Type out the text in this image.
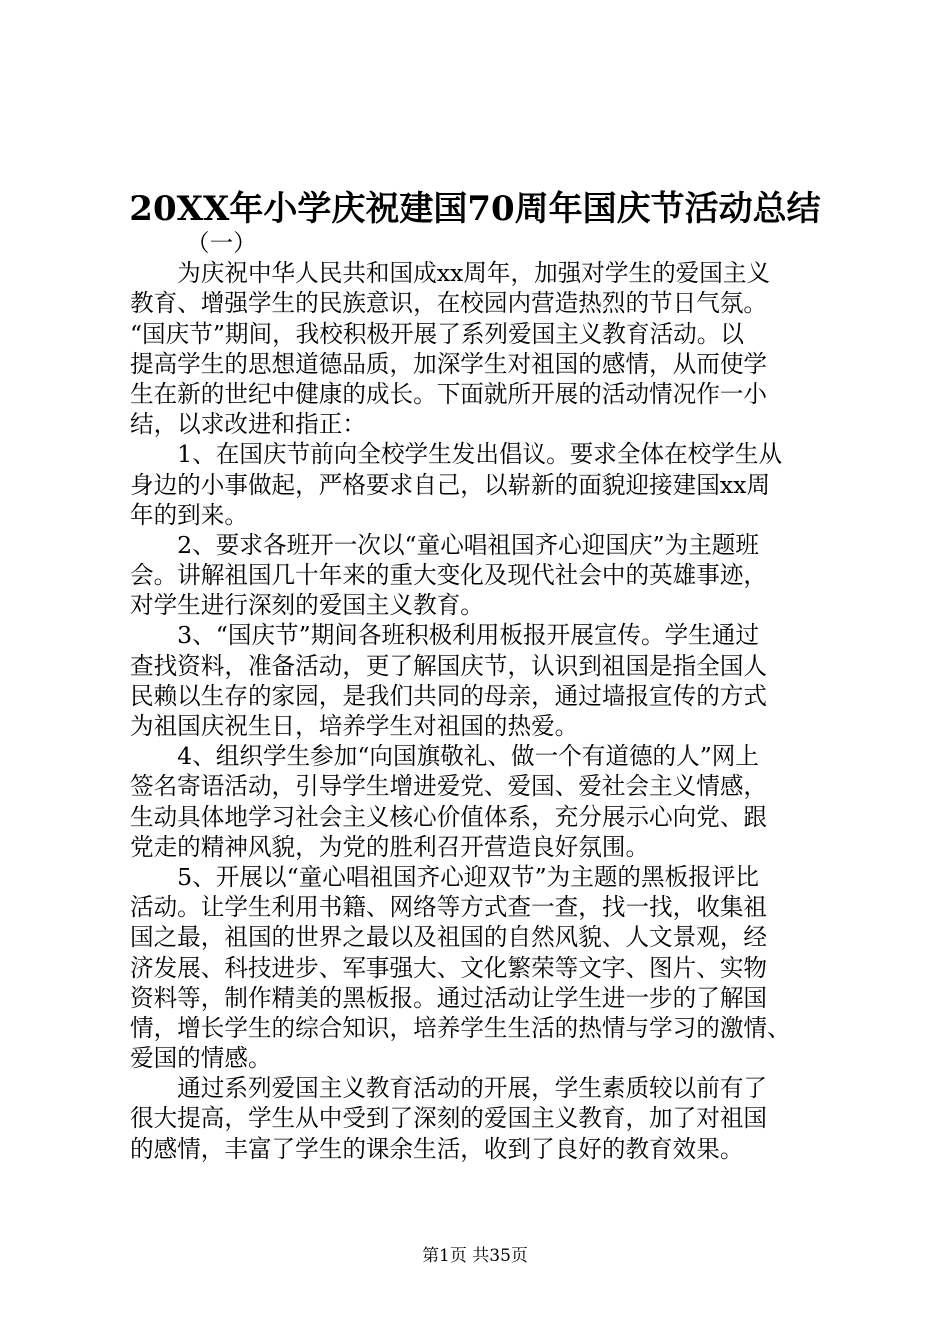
20XX年小学庆祝建国70周年国庆节活动总结
（一）
　　为庆祝中华人民共和国成xx周年，加强对学生的爱国主义
教育、增强学生的民族意识，在校园内营造热烈的节日气氛。
“国庆节”期间，我校积极开展了系列爱国主义教育活动。以
提高学生的思想道德品质，加深学生对祖国的感情，从而使学
生在新的世纪中健康的成长。下面就所开展的活动情况作一小
结，以求改进和指正：
　　1、在国庆节前向全校学生发出倡议。要求全体在校学生从
身边的小事做起，严格要求自己，以崭新的面貌迎接建国xx周
年的到来。
　　2、要求各班开一次以“童心唱祖国齐心迎国庆”为主题班
会。讲解祖国几十年来的重大变化及现代社会中的英雄事迹，
对学生进行深刻的爱国主义教育。
　　3、“国庆节”期间各班积极利用板报开展宣传。学生通过
查找资料，准备活动，更了解国庆节，认识到祖国是指全国人
民赖以生存的家园，是我们共同的母亲，通过墙报宣传的方式
为祖国庆祝生日，培养学生对祖国的热爱。
　　4、组织学生参加“向国旗敬礼、做一个有道德的人”网上
签名寄语活动，引导学生增进爱党、爱国、爱社会主义情感，
生动具体地学习社会主义核心价值体系，充分展示心向党、跟
党走的精神风貌，为党的胜利召开营造良好氛围。
　　5、开展以“童心唱祖国齐心迎双节”为主题的黑板报评比
活动。让学生利用书籍、网络等方式查一查，找一找，收集祖
国之最，祖国的世界之最以及祖国的自然风貌、人文景观，经
济发展、科技进步、军事强大、文化繁荣等文字、图片、实物
资料等，制作精美的黑板报。通过活动让学生进一步的了解国
情，增长学生的综合知识，培养学生生活的热情与学习的激情、
爱国的情感。
　　通过系列爱国主义教育活动的开展，学生素质较以前有了
很大提高，学生从中受到了深刻的爱国主义教育，加了对祖国
的感情，丰富了学生的课余生活，收到了良好的教育效果。
第1页 共35页
